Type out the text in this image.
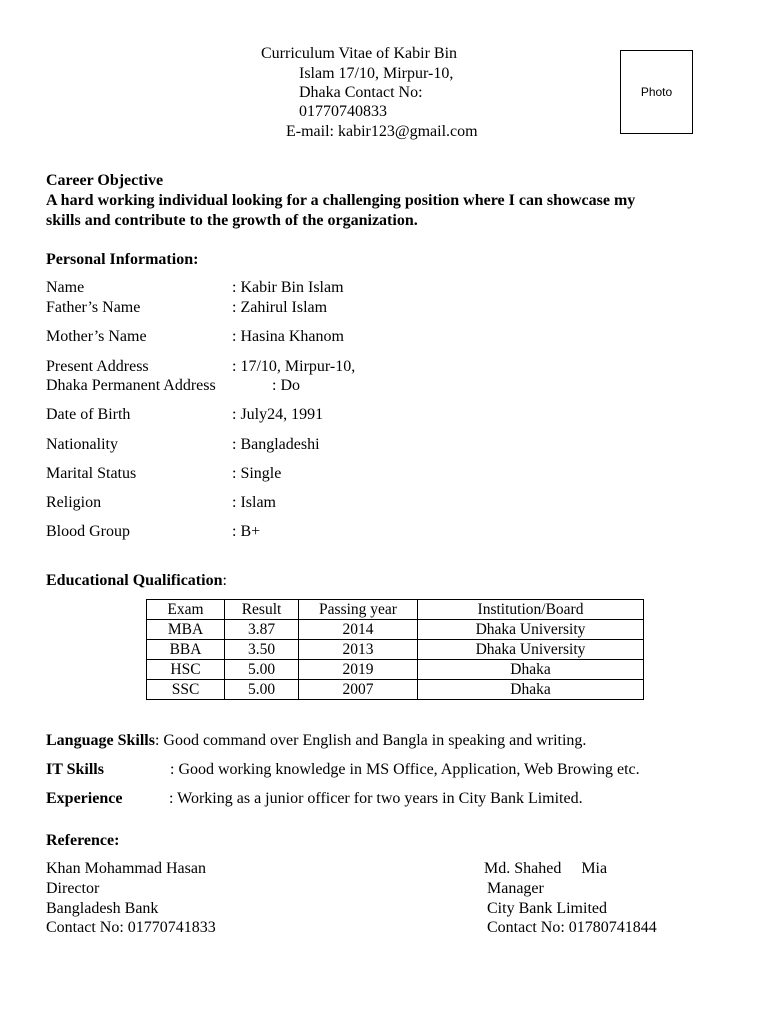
Curriculum Vitae of Kabir Bin
Islam 17/10, Mirpur-10,
Dhaka Contact No:
01770740833
E-mail: kabir123@gmail.com
Photo
Career Objective
A hard working individual looking for a challenging position where I can showcase my
skills and contribute to the growth of the organization.
Personal Information:
Name	: Kabir Bin Islam
Father’s Name	: Zahirul Islam
Mother’s Name	: Hasina Khanom
Present Address	: 17/10, Mirpur-10,
Dhaka Permanent Address	: Do
Date of Birth	: July24, 1991
Nationality	: Bangladeshi
Marital Status	: Single
Religion	: Islam
Blood Group	: B+
Educational Qualification:
Exam	Result	Passing year	Institution/Board
MBA	3.87	2014	Dhaka University
BBA	3.50	2013	Dhaka University
HSC	5.00	2019	Dhaka
SSC	5.00	2007	Dhaka
Language Skills: Good command over English and Bangla in speaking and writing.
IT Skills	: Good working knowledge in MS Office, Application, Web Browing etc.
Experience	: Working as a junior officer for two years in City Bank Limited.
Reference:
Khan Mohammad Hasan
Director
Bangladesh Bank
Contact No: 01770741833
Md. Shahed     Mia
Manager
City Bank Limited
Contact No: 01780741844
